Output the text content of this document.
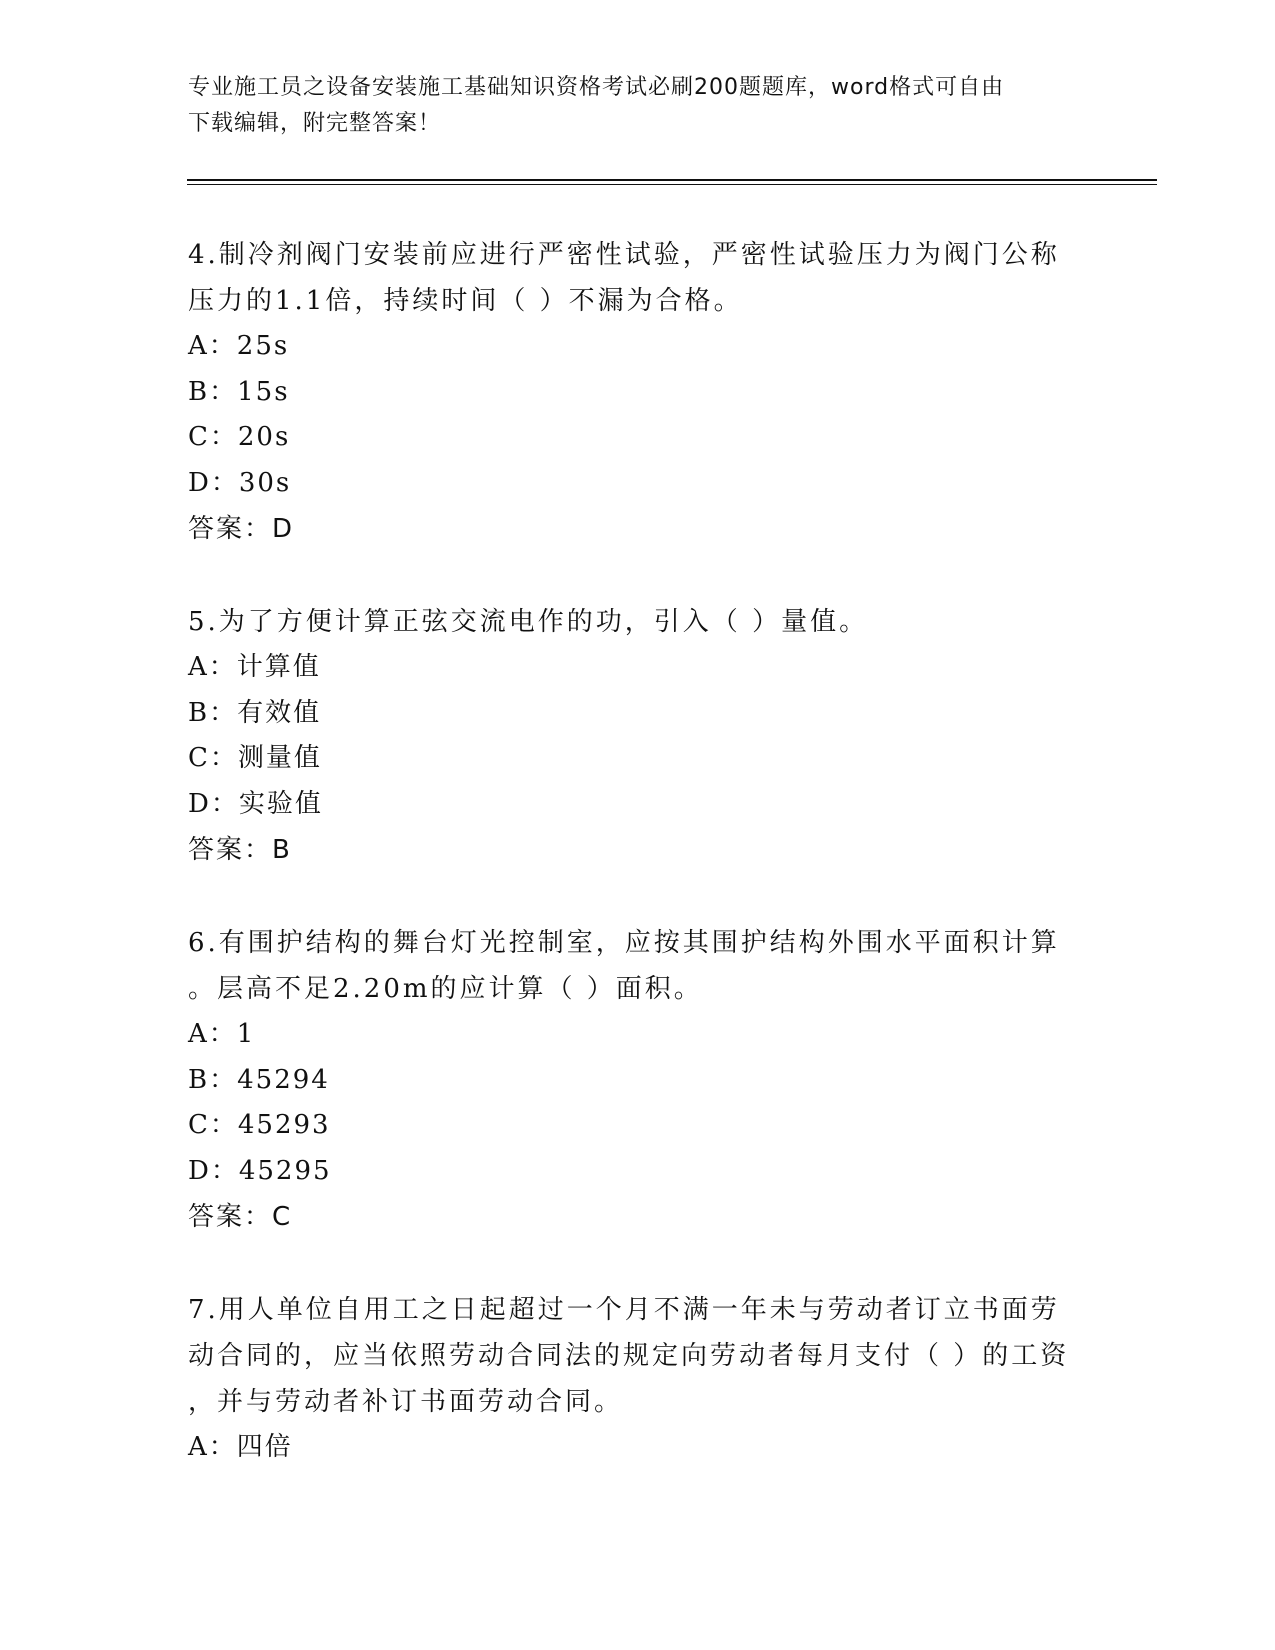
专业施工员之设备安装施工基础知识资格考试必刷200题题库，word格式可自由
下载编辑，附完整答案！

4.制冷剂阀门安装前应进行严密性试验，严密性试验压力为阀门公称

压力的1.1倍，持续时间（ ）不漏为合格。

A：25s

B：15s

C：20s

D：30s

答案：D

5.为了方便计算正弦交流电作的功，引入（ ）量值。

A：计算值

B：有效值

C：测量值

D：实验值

答案：B

6.有围护结构的舞台灯光控制室，应按其围护结构外围水平面积计算

。层高不足2.20m的应计算（ ）面积。

A：1

B：45294

C：45293

D：45295

答案：C

7.用人单位自用工之日起超过一个月不满一年未与劳动者订立书面劳

动合同的，应当依照劳动合同法的规定向劳动者每月支付（ ）的工资

，并与劳动者补订书面劳动合同。

A：四倍
